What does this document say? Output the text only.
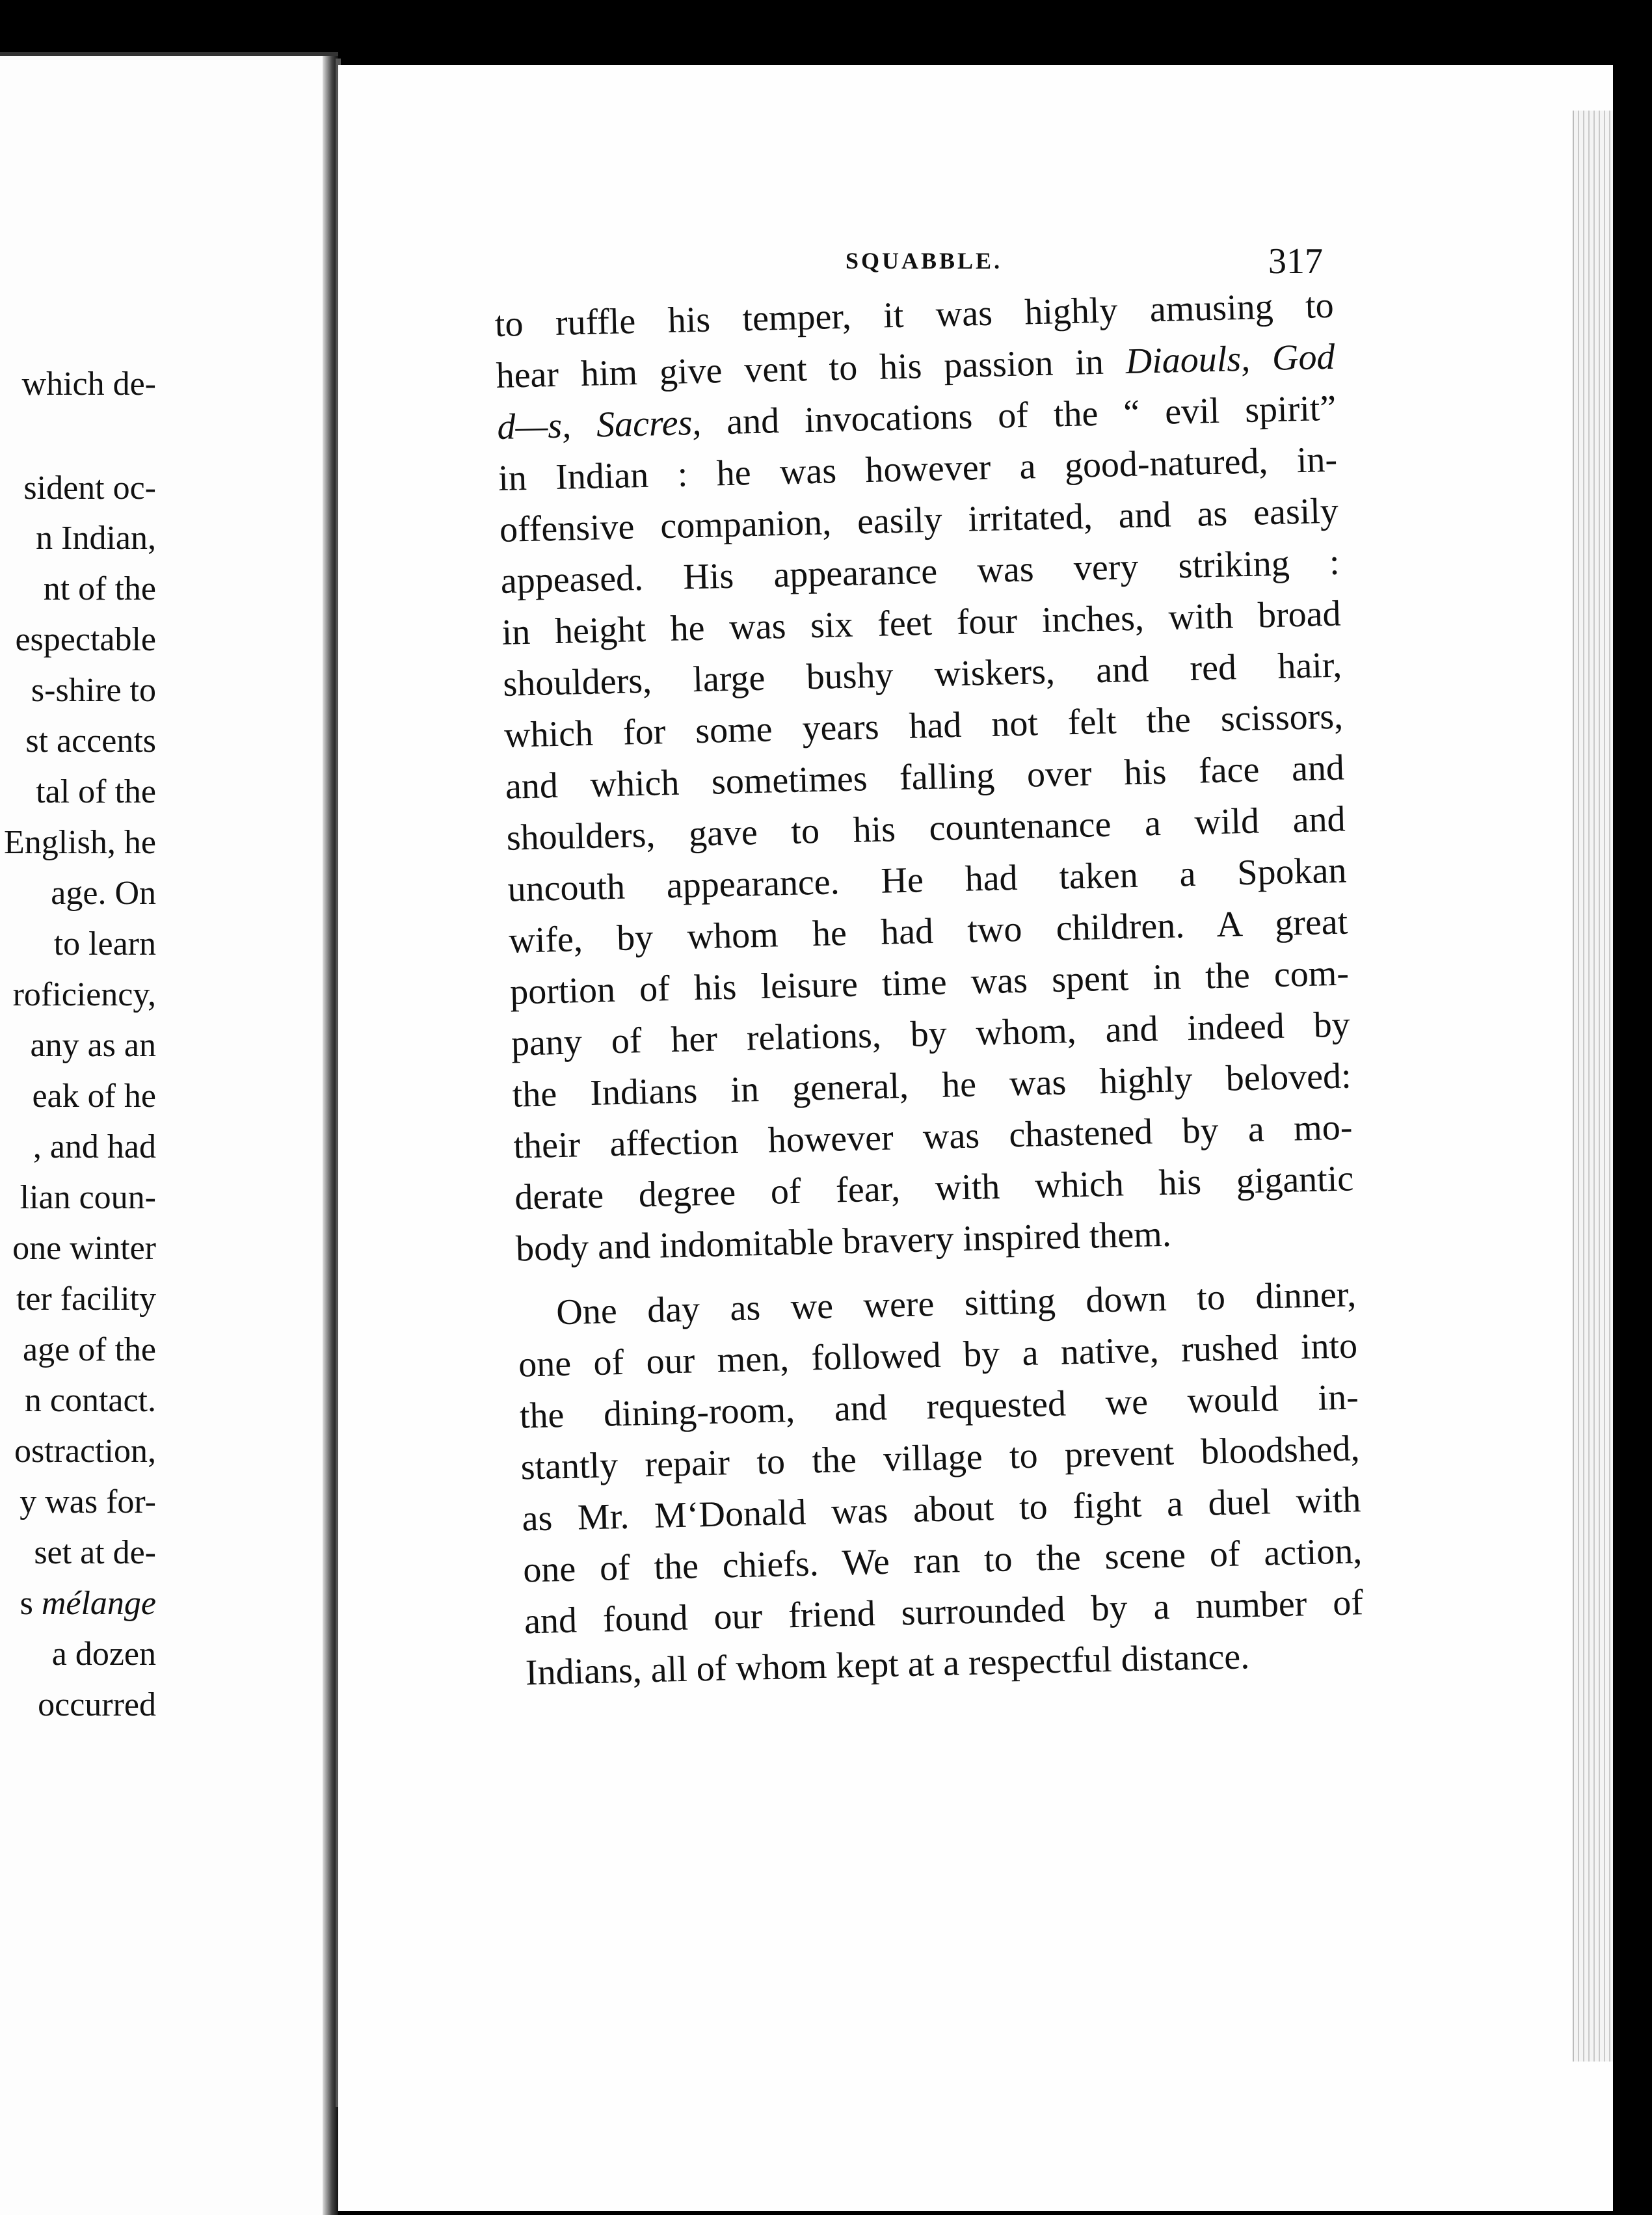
which de-
sident oc-
n Indian,
nt of the
espectable
s-shire to
st accents
tal of the
English, he
age. On
to learn
roficiency,
any as an
eak of he
, and had
lian coun-
one winter
ter facility
age of the
n contact.
ostraction,
y was for-
set at de-
s mélange
a dozen
occurred
SQUABBLE.	317
to ruffle his temper, it was highly amusing to
hear him give vent to his passion in Diaouls, God
d—s, Sacres, and invocations of the “ evil spirit”
in Indian : he was however a good-natured, in-
offensive companion, easily irritated, and as easily
appeased. His appearance was very striking :
in height he was six feet four inches, with broad
shoulders, large bushy wiskers, and red hair,
which for some years had not felt the scissors,
and which sometimes falling over his face and
shoulders, gave to his countenance a wild and
uncouth appearance. He had taken a Spokan
wife, by whom he had two children. A great
portion of his leisure time was spent in the com-
pany of her relations, by whom, and indeed by
the Indians in general, he was highly beloved:
their affection however was chastened by a mo-
derate degree of fear, with which his gigantic
body and indomitable bravery inspired them.
One day as we were sitting down to dinner,
one of our men, followed by a native, rushed into
the dining-room, and requested we would in-
stantly repair to the village to prevent bloodshed,
as Mr. M‘Donald was about to fight a duel with
one of the chiefs. We ran to the scene of action,
and found our friend surrounded by a number of
Indians, all of whom kept at a respectful distance.
